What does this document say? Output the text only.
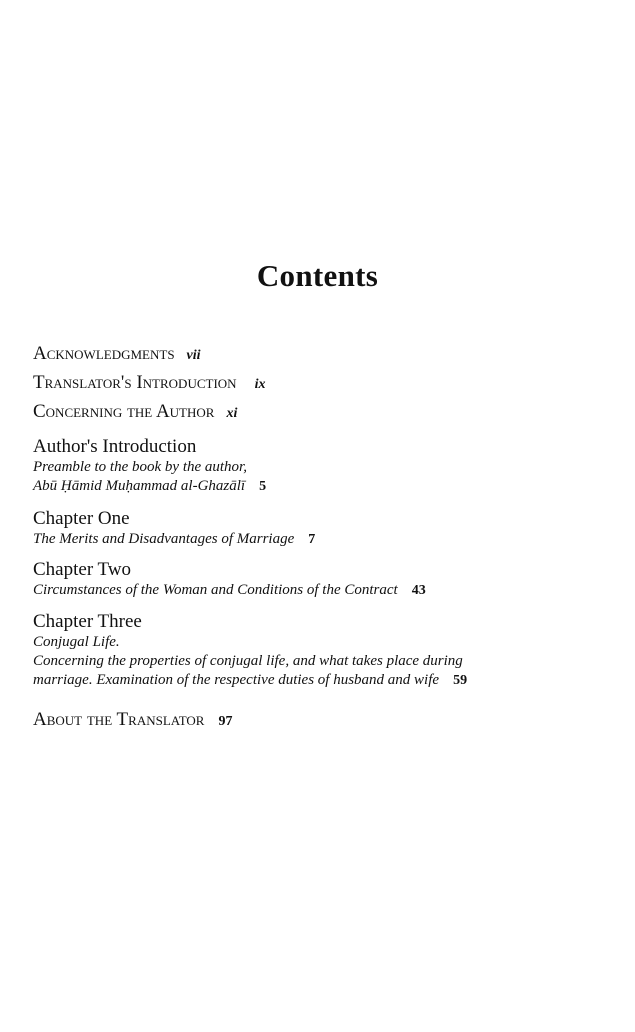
Contents
Acknowledgments vii
Translator's Introduction ix
Concerning the Author xi
Author's Introduction
Preamble to the book by the author,
Abū Ḥāmid Muḥammad al-Ghazālī 5
Chapter One
The Merits and Disadvantages of Marriage 7
Chapter Two
Circumstances of the Woman and Conditions of the Contract 43
Chapter Three
Conjugal Life.
Concerning the properties of conjugal life, and what takes place during
marriage. Examination of the respective duties of husband and wife 59
About the Translator 97
